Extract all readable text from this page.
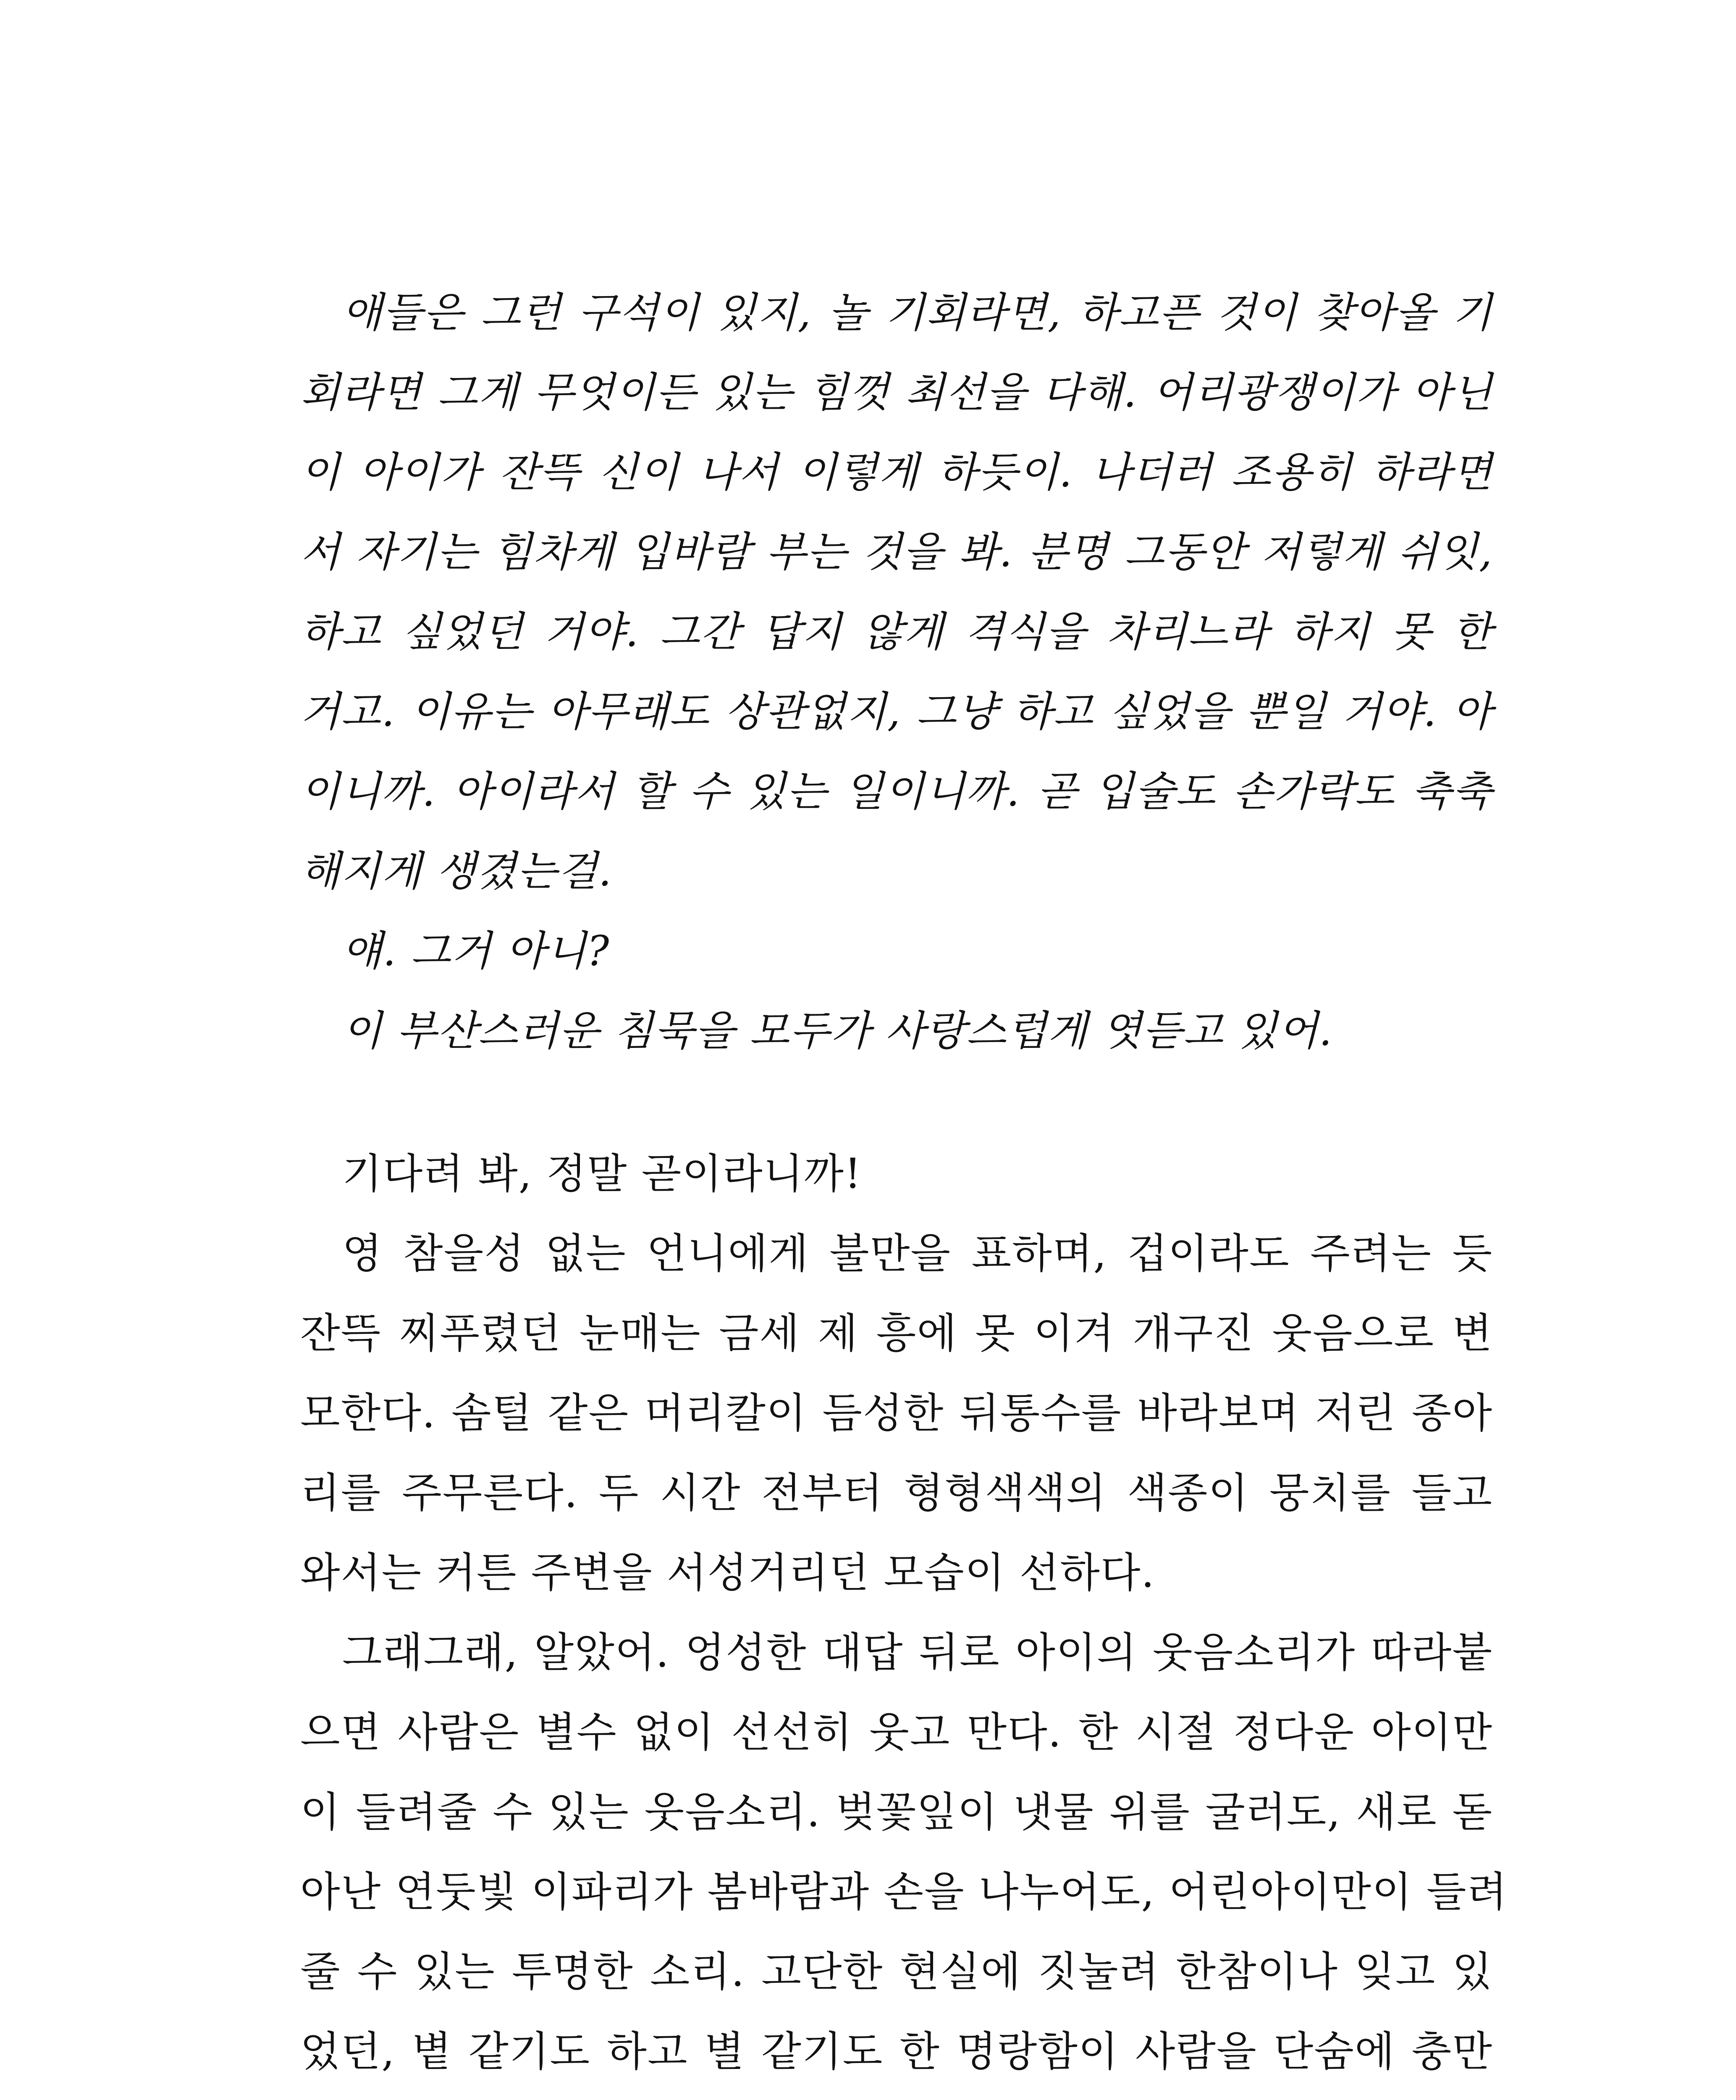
애들은 그런 구석이 있지, 놀 기회라면, 하고픈 것이 찾아올 기
회라면 그게 무엇이든 있는 힘껏 최선을 다해. 어리광쟁이가 아닌
이 아이가 잔뜩 신이 나서 이렇게 하듯이. 나더러 조용히 하라면
서 자기는 힘차게 입바람 부는 것을 봐. 분명 그동안 저렇게 쉬잇,
하고 싶었던 거야. 그간 답지 않게 격식을 차리느라 하지 못 한
거고. 이유는 아무래도 상관없지, 그냥 하고 싶었을 뿐일 거야. 아
이니까. 아이라서 할 수 있는 일이니까. 곧 입술도 손가락도 축축
해지게 생겼는걸.
얘. 그거 아니?
이 부산스러운 침묵을 모두가 사랑스럽게 엿듣고 있어.
기다려 봐, 정말 곧이라니까!
영 참을성 없는 언니에게 불만을 표하며, 겁이라도 주려는 듯
잔뜩 찌푸렸던 눈매는 금세 제 흥에 못 이겨 개구진 웃음으로 변
모한다. 솜털 같은 머리칼이 듬성한 뒤통수를 바라보며 저린 종아
리를 주무른다. 두 시간 전부터 형형색색의 색종이 뭉치를 들고
와서는 커튼 주변을 서성거리던 모습이 선하다.
그래그래, 알았어. 엉성한 대답 뒤로 아이의 웃음소리가 따라붙
으면 사람은 별수 없이 선선히 웃고 만다. 한 시절 정다운 아이만
이 들려줄 수 있는 웃음소리. 벚꽃잎이 냇물 위를 굴러도, 새로 돋
아난 연둣빛 이파리가 봄바람과 손을 나누어도, 어린아이만이 들려
줄 수 있는 투명한 소리. 고단한 현실에 짓눌려 한참이나 잊고 있
었던, 볕 같기도 하고 별 같기도 한 명랑함이 사람을 단숨에 충만
